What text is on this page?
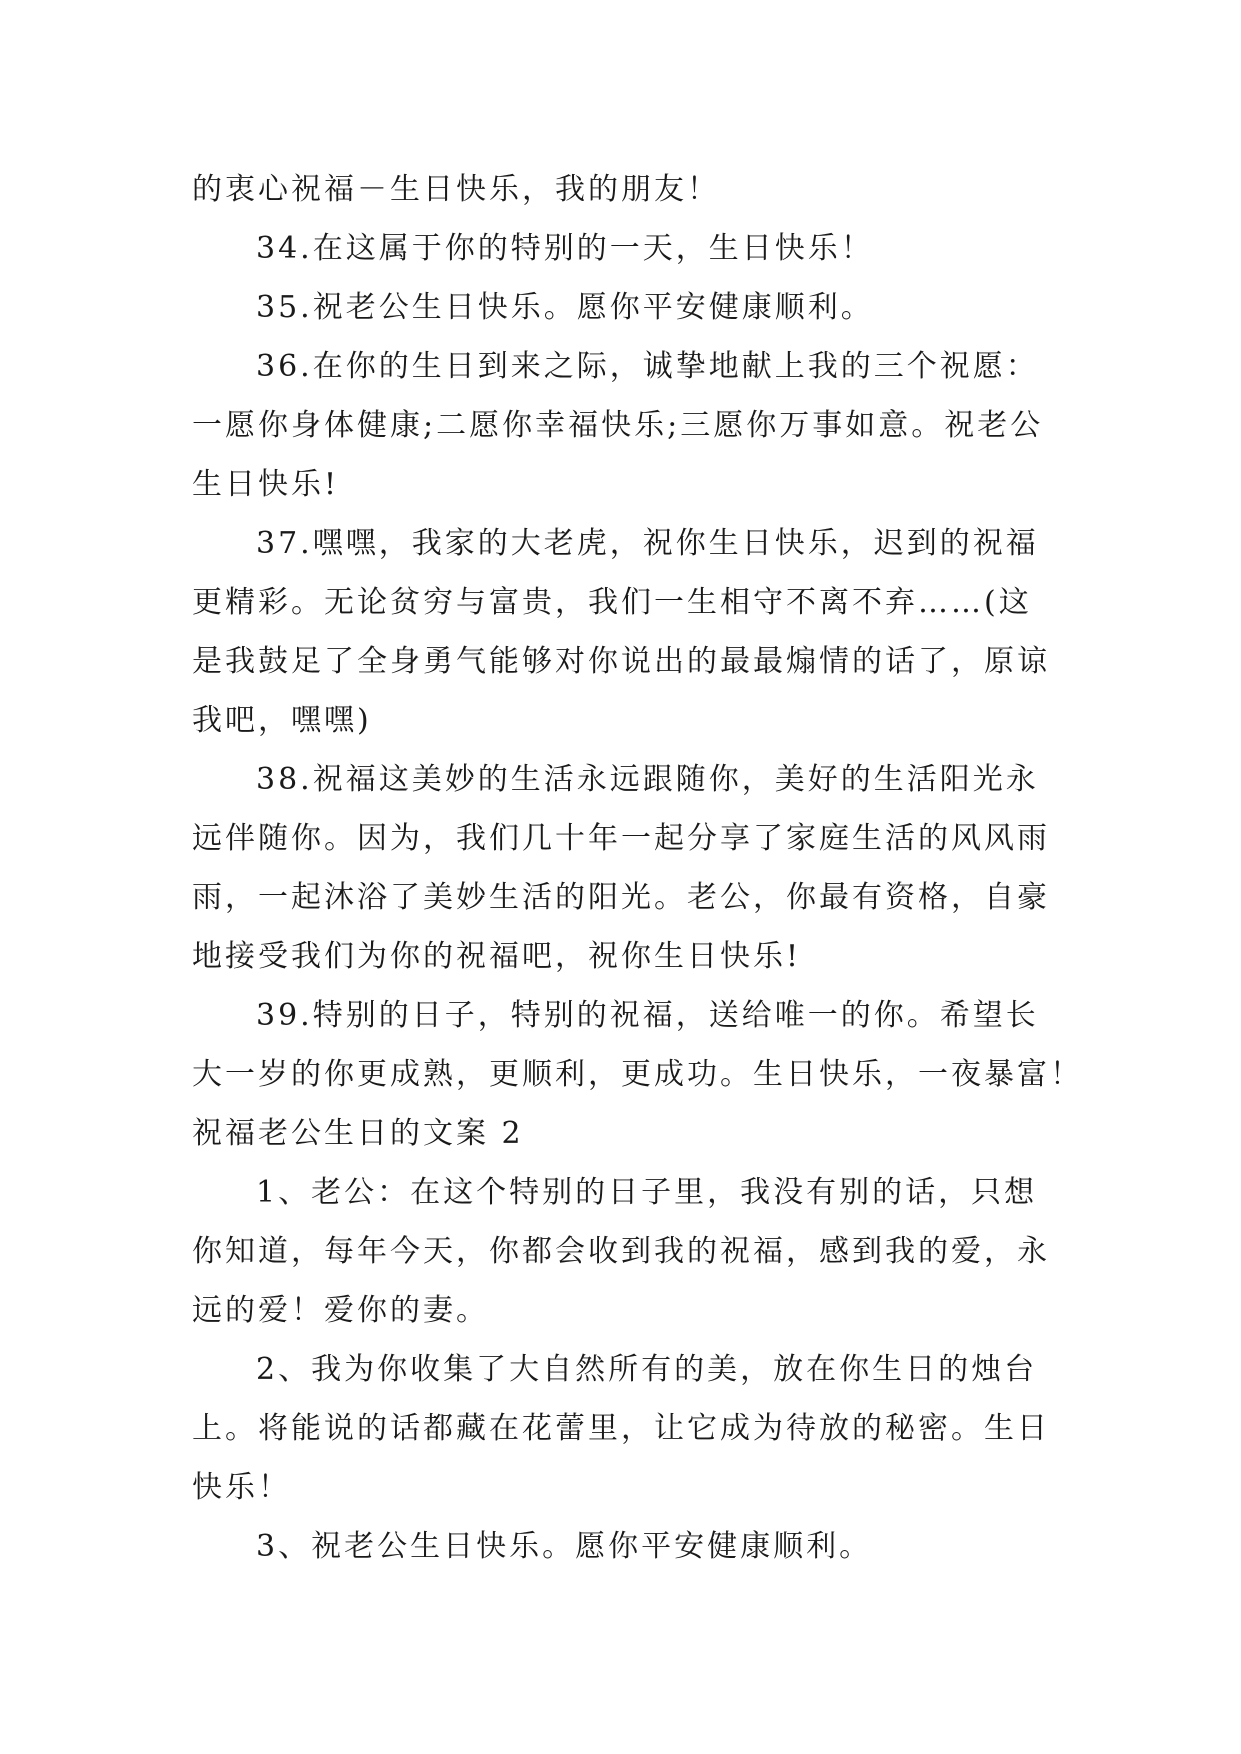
的衷心祝福－生日快乐，我的朋友！
34.在这属于你的特别的一天，生日快乐！
35.祝老公生日快乐。愿你平安健康顺利。
36.在你的生日到来之际，诚挚地献上我的三个祝愿：
一愿你身体健康;二愿你幸福快乐;三愿你万事如意。祝老公
生日快乐!
37.嘿嘿，我家的大老虎，祝你生日快乐，迟到的祝福
更精彩。无论贫穷与富贵，我们一生相守不离不弃……(这
是我鼓足了全身勇气能够对你说出的最最煽情的话了，原谅
我吧，嘿嘿)
38.祝福这美妙的生活永远跟随你，美好的生活阳光永
远伴随你。因为，我们几十年一起分享了家庭生活的风风雨
雨，一起沐浴了美妙生活的阳光。老公，你最有资格，自豪
地接受我们为你的祝福吧，祝你生日快乐!
39.特别的日子，特别的祝福，送给唯一的你。希望长
大一岁的你更成熟，更顺利，更成功。生日快乐，一夜暴富！
祝福老公生日的文案 2
1、老公：在这个特别的日子里，我没有别的话，只想
你知道，每年今天，你都会收到我的祝福，感到我的爱，永
远的爱！爱你的妻。
2、我为你收集了大自然所有的美，放在你生日的烛台
上。将能说的话都藏在花蕾里，让它成为待放的秘密。生日
快乐！
3、祝老公生日快乐。愿你平安健康顺利。
